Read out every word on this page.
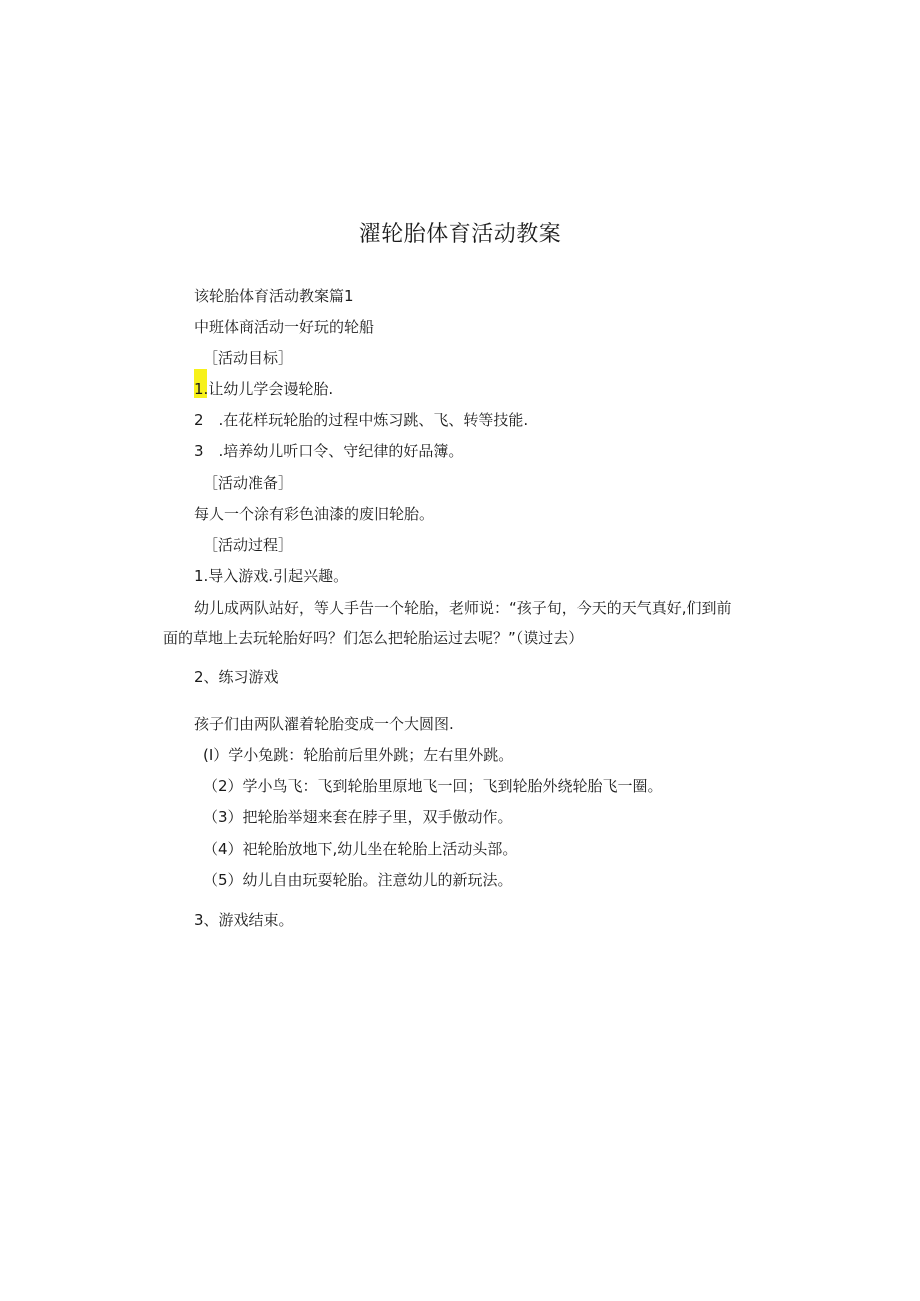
濯轮胎体育活动教案
该轮胎体育活动教案篇1
中班体商活动一好玩的轮船
［活动目标］
1.让幼儿学会谩轮胎.
2　.在花样玩轮胎的过程中炼习跳、飞、转等技能.
3　.培养幼儿听口令、守纪律的好品簿。
［活动准备］
每人一个涂有彩色油漆的废旧轮胎。
［活动过程］
1.导入游戏.引起兴趣。
幼儿成两队站好，等人手告一个轮胎，老师说：“孩子旬，今天的天气真好,们到前
面的草地上去玩轮胎好吗？们怎么把轮胎运过去呢？”（谟过去）
2、练习游戏
孩子们由两队濯着轮胎变成一个大圆图.
(I）学小兔跳：轮胎前后里外跳；左右里外跳。
（2）学小鸟飞：飞到轮胎里原地飞一回；飞到轮胎外绕轮胎飞一圈。
（3）把轮胎举翅来套在脖子里，双手傲动作。
（4）祀轮胎放地下,幼儿坐在轮胎上活动头部。
（5）幼儿自由玩耍轮胎。注意幼儿的新玩法。
3、游戏结束。
